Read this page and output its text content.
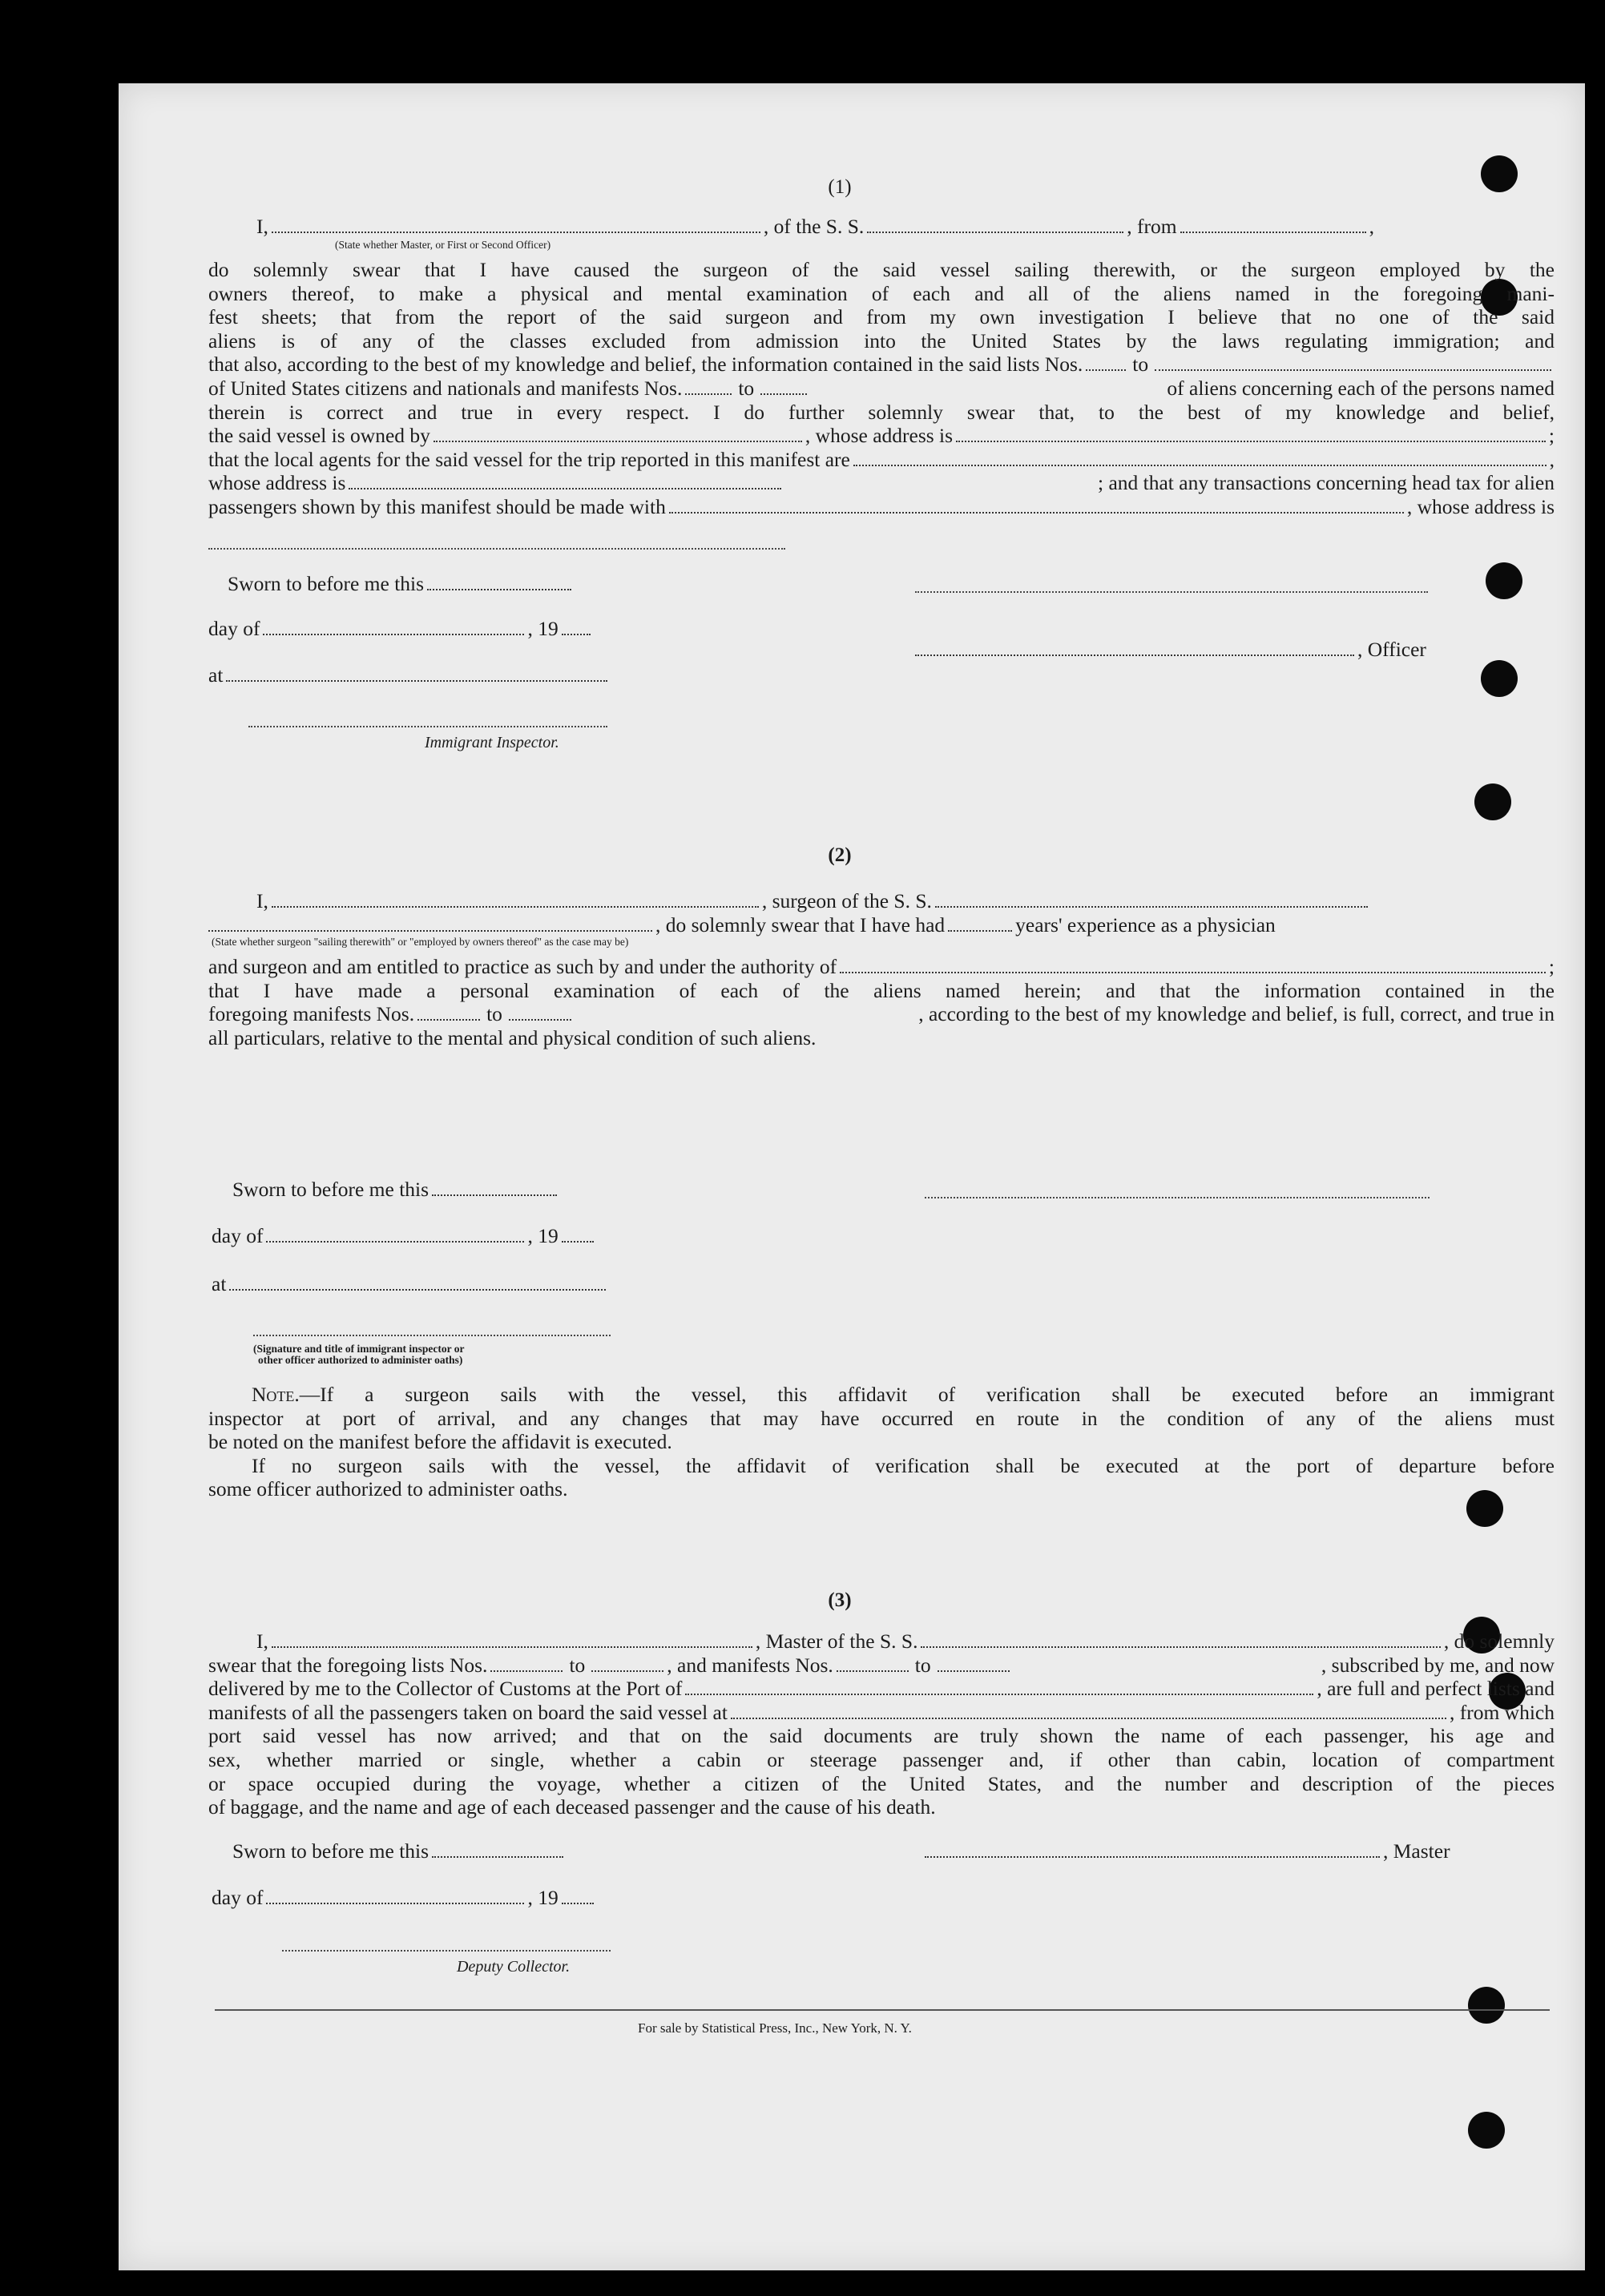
(1)
I,	, of the S. S.	, from	,
(State whether Master, or First or Second Officer)
do solemnly swear that I have caused the surgeon of the said vessel sailing therewith, or the surgeon employed by the
owners thereof, to make a physical and mental examination of each and all of the aliens named in the foregoing mani-
fest sheets; that from the report of the said surgeon and from my own investigation I believe that no one of the said
aliens is of any of the classes excluded from admission into the United States by the laws regulating immigration; and
that also, according to the best of my knowledge and belief, the information contained in the said lists Nos. to
of United States citizens and nationals and manifests Nos.	to	of aliens concerning each of the persons named
therein is correct and true in every respect. I do further solemnly swear that, to the best of my knowledge and belief,
the said vessel is owned by	, whose address is	;
that the local agents for the said vessel for the trip reported in this manifest are	,
whose address is	; and that any transactions concerning head tax for alien
passengers shown by this manifest should be made with	, whose address is
Sworn to before me this
day of	, 19
at
Immigrant Inspector.
, Officer
(2)
I,	, surgeon of the S. S.
, do solemnly swear that I have had	years' experience as a physician
(State whether surgeon "sailing therewith" or "employed by owners thereof" as the case may be)
and surgeon and am entitled to practice as such by and under the authority of	;
that I have made a personal examination of each of the aliens named herein; and that the information contained in the
foregoing manifests Nos.	to	, according to the best of my knowledge and belief, is full, correct, and true in
all particulars, relative to the mental and physical condition of such aliens.
Sworn to before me this
day of	, 19
at
(Signature and title of immigrant inspector or
other officer authorized to administer oaths)
Note.—If a surgeon sails with the vessel, this affidavit of verification shall be executed before an immigrant
inspector at port of arrival, and any changes that may have occurred en route in the condition of any of the aliens must
be noted on the manifest before the affidavit is executed.
If no surgeon sails with the vessel, the affidavit of verification shall be executed at the port of departure before
some officer authorized to administer oaths.
(3)
I,	, Master of the S. S.	, do solemnly
swear that the foregoing lists Nos.	to	, and manifests Nos.	to	, subscribed by me, and now
delivered by me to the Collector of Customs at the Port of	, are full and perfect lists and
manifests of all the passengers taken on board the said vessel at	, from which
port said vessel has now arrived; and that on the said documents are truly shown the name of each passenger, his age and
sex, whether married or single, whether a cabin or steerage passenger and, if other than cabin, location of compartment
or space occupied during the voyage, whether a citizen of the United States, and the number and description of the pieces
of baggage, and the name and age of each deceased passenger and the cause of his death.
Sworn to before me this	, Master
day of	, 19
Deputy Collector.
For sale by Statistical Press, Inc., New York, N. Y.
